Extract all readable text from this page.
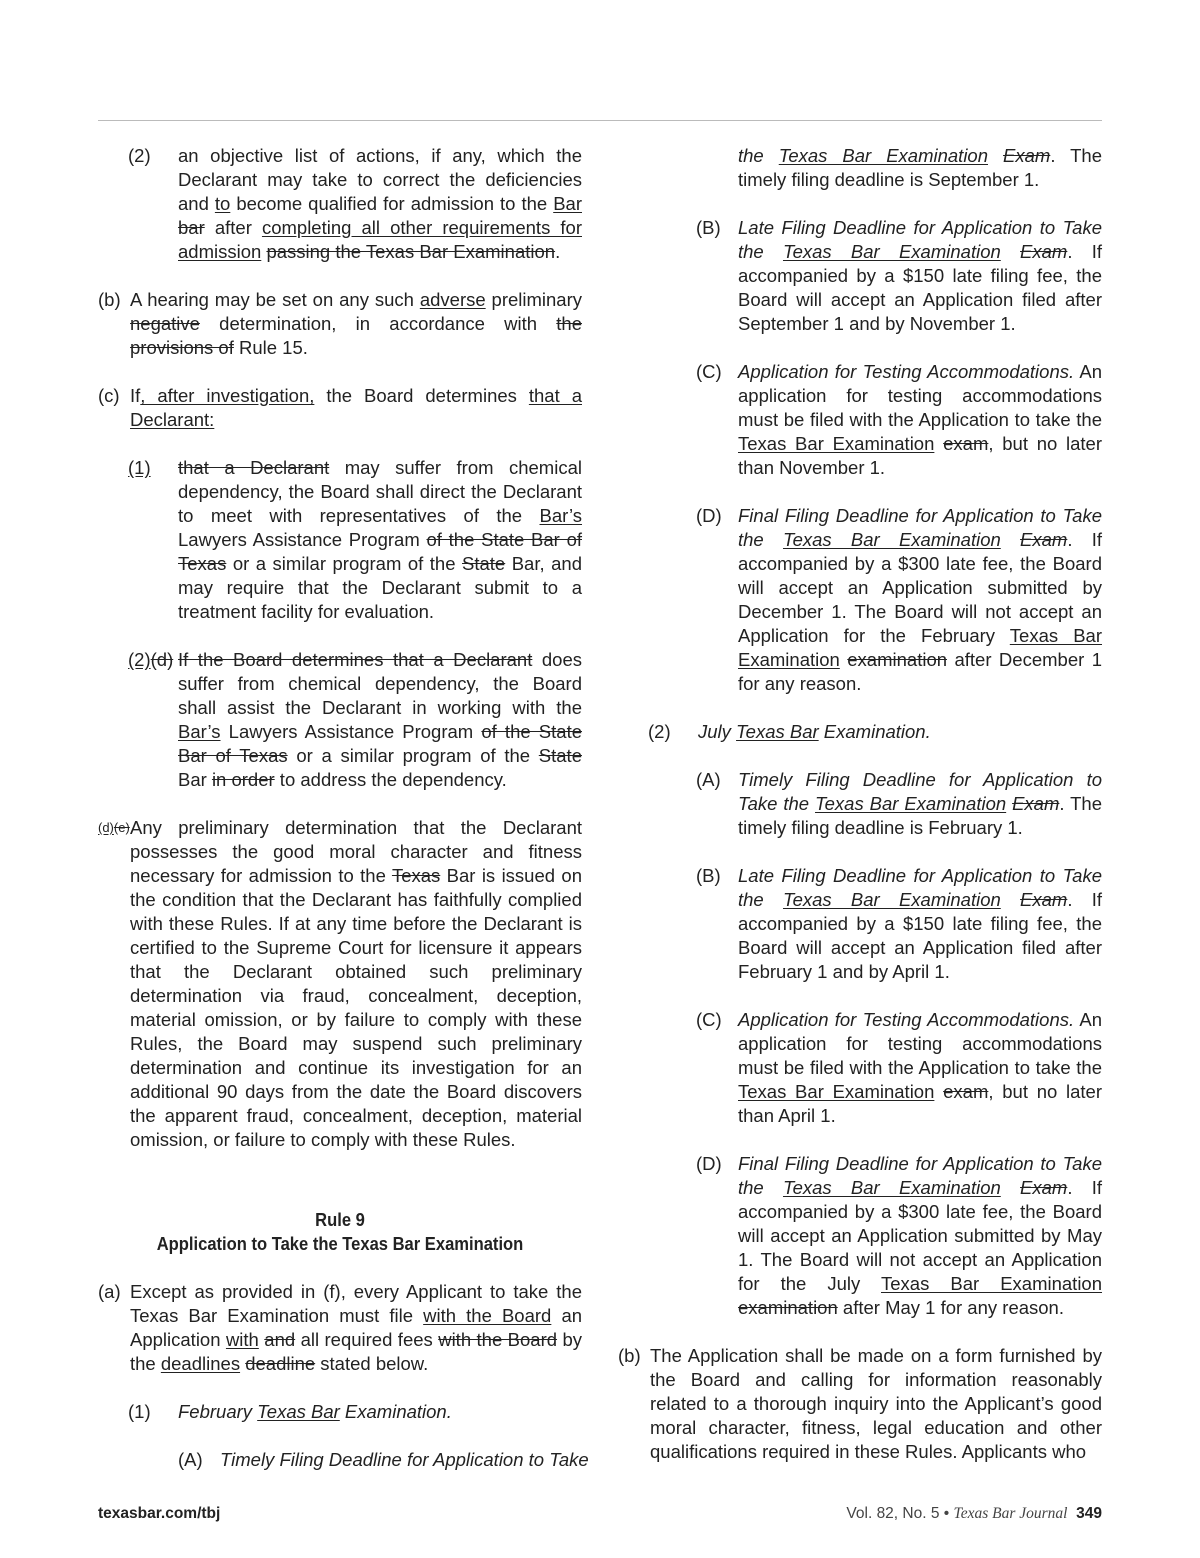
(2) an objective list of actions, if any, which the Declarant may take to correct the deficiencies and to become qualified for admission to the Bar bar after completing all other requirements for admission passing the Texas Bar Examination.
(b) A hearing may be set on any such adverse preliminary negative determination, in accordance with the provisions of Rule 15.
(c) If, after investigation, the Board determines that a Declarant:
(1) that a Declarant may suffer from chemical dependency, the Board shall direct the Declarant to meet with representatives of the Bar’s Lawyers Assistance Program of the State Bar of Texas or a similar program of the State Bar, and may require that the Declarant submit to a treatment facility for evaluation.
(2)(d) If the Board determines that a Declarant does suffer from chemical dependency, the Board shall assist the Declarant in working with the Bar’s Lawyers Assistance Program of the State Bar of Texas or a similar program of the State Bar in order to address the dependency.
(d)(e) Any preliminary determination that the Declarant possesses the good moral character and fitness necessary for admission to the Texas Bar is issued on the condition that the Declarant has faithfully complied with these Rules. If at any time before the Declarant is certified to the Supreme Court for licensure it appears that the Declarant obtained such preliminary determination via fraud, concealment, deception, material omission, or by failure to comply with these Rules, the Board may suspend such preliminary determination and continue its investigation for an additional 90 days from the date the Board discovers the apparent fraud, concealment, deception, material omission, or failure to comply with these Rules.
Rule 9
Application to Take the Texas Bar Examination
(a) Except as provided in (f), every Applicant to take the Texas Bar Examination must file with the Board an Application with and all required fees with the Board by the deadlines deadline stated below.
(1) February Texas Bar Examination.
(A) Timely Filing Deadline for Application to Take
the Texas Bar Examination Exam. The timely filing deadline is September 1.
(B) Late Filing Deadline for Application to Take the Texas Bar Examination Exam. If accompanied by a $150 late filing fee, the Board will accept an Application filed after September 1 and by November 1.
(C) Application for Testing Accommodations. An application for testing accommodations must be filed with the Application to take the Texas Bar Examination exam, but no later than November 1.
(D) Final Filing Deadline for Application to Take the Texas Bar Examination Exam. If accompanied by a $300 late fee, the Board will accept an Application submitted by December 1. The Board will not accept an Application for the February Texas Bar Examination examination after December 1 for any reason.
(2) July Texas Bar Examination.
(A) Timely Filing Deadline for Application to Take the Texas Bar Examination Exam. The timely filing deadline is February 1.
(B) Late Filing Deadline for Application to Take the Texas Bar Examination Exam. If accompanied by a $150 late filing fee, the Board will accept an Application filed after February 1 and by April 1.
(C) Application for Testing Accommodations. An application for testing accommodations must be filed with the Application to take the Texas Bar Examination exam, but no later than April 1.
(D) Final Filing Deadline for Application to Take the Texas Bar Examination Exam. If accompanied by a $300 late fee, the Board will accept an Application submitted by May 1. The Board will not accept an Application for the July Texas Bar Examination examination after May 1 for any reason.
(b) The Application shall be made on a form furnished by the Board and calling for information reasonably related to a thorough inquiry into the Applicant’s good moral character, fitness, legal education and other qualifications required in these Rules. Applicants who
texasbar.com/tbj	Vol. 82, No. 5 • Texas Bar Journal 349
